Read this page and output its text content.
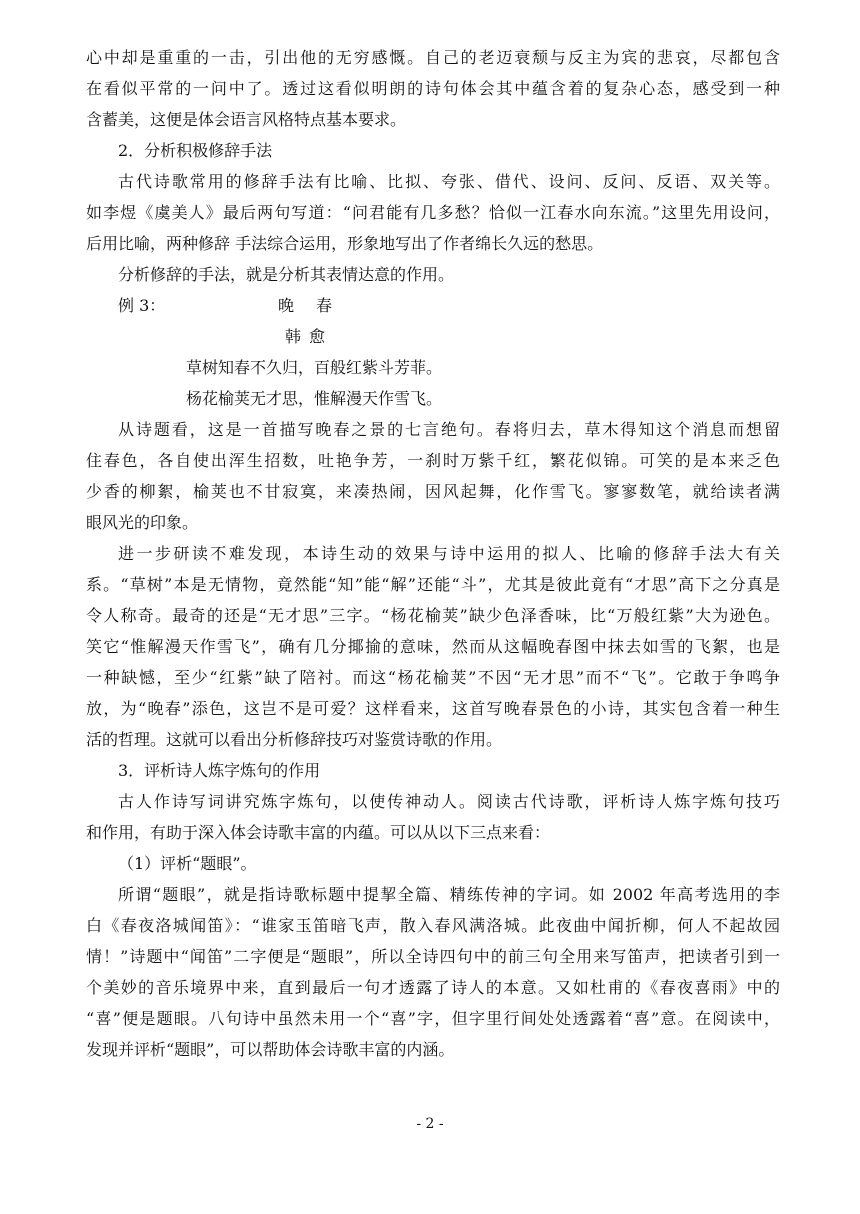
心中却是重重的一击，引出他的无穷感慨。自己的老迈衰颓与反主为宾的悲哀，尽都包含
在看似平常的一问中了。透过这看似明朗的诗句体会其中蕴含着的复杂心态，感受到一种
含蓄美，这便是体会语言风格特点基本要求。
2．分析积极修辞手法
古代诗歌常用的修辞手法有比喻、比拟、夸张、借代、设问、反问、反语、双关等。
如李煜《虞美人》最后两句写道：“问君能有几多愁？恰似一江春水向东流。”这里先用设问，
后用比喻，两种修辞 手法综合运用，形象地写出了作者绵长久远的愁思。
分析修辞的手法，就是分析其表情达意的作用。
例 3：	晚春
韩愈
草树知春不久归，百般红紫斗芳菲。
杨花榆荚无才思，惟解漫天作雪飞。
从诗题看，这是一首描写晚春之景的七言绝句。春将归去，草木得知这个消息而想留
住春色，各自使出浑生招数，吐艳争芳，一刹时万紫千红，繁花似锦。可笑的是本来乏色
少香的柳絮，榆荚也不甘寂寞，来凑热闹，因风起舞，化作雪飞。寥寥数笔，就给读者满
眼风光的印象。
进一步研读不难发现，本诗生动的效果与诗中运用的拟人、比喻的修辞手法大有关
系。“草树”本是无情物，竟然能“知”能“解”还能“斗”，尤其是彼此竟有“才思”高下之分真是
令人称奇。最奇的还是“无才思”三字。“杨花榆荚”缺少色泽香味，比“万般红紫”大为逊色。
笑它“惟解漫天作雪飞”，确有几分揶揄的意味，然而从这幅晚春图中抹去如雪的飞絮，也是
一种缺憾，至少“红紫”缺了陪衬。而这“杨花榆荚”不因“无才思”而不“飞”。它敢于争鸣争
放，为“晚春”添色，这岂不是可爱？这样看来，这首写晚春景色的小诗，其实包含着一种生
活的哲理。这就可以看出分析修辞技巧对鉴赏诗歌的作用。
3．评析诗人炼字炼句的作用
古人作诗写词讲究炼字炼句，以使传神动人。阅读古代诗歌，评析诗人炼字炼句技巧
和作用，有助于深入体会诗歌丰富的内蕴。可以从以下三点来看：
（1）评析“题眼”。
所谓“题眼”，就是指诗歌标题中提挈全篇、精练传神的字词。如 2002 年高考选用的李
白《春夜洛城闻笛》：“谁家玉笛暗飞声，散入春风满洛城。此夜曲中闻折柳，何人不起故园
情！”诗题中“闻笛”二字便是“题眼”，所以全诗四句中的前三句全用来写笛声，把读者引到一
个美妙的音乐境界中来，直到最后一句才透露了诗人的本意。又如杜甫的《春夜喜雨》中的
“喜”便是题眼。八句诗中虽然未用一个“喜”字，但字里行间处处透露着“喜”意。在阅读中，
发现并评析“题眼”，可以帮助体会诗歌丰富的内涵。
- 2 -
